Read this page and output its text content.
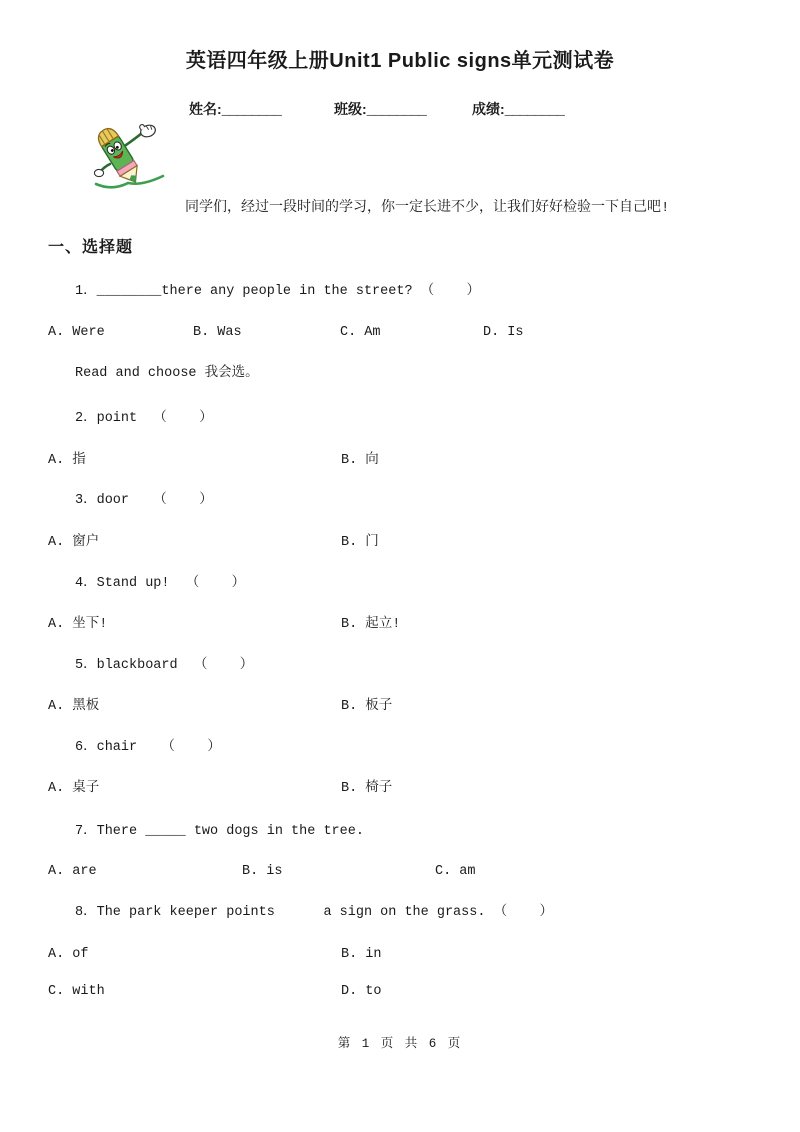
英语四年级上册Unit1 Public signs单元测试卷
姓名:________	班级:________	成绩:________
同学们，经过一段时间的学习，你一定长进不少，让我们好好检验一下自己吧!
一、选择题
1．________there any people in the street? （    ）
A. Were	B. Was	C. Am	D. Is
Read and choose 我会选。
2．point  （    ）
A. 指	B. 向
3．door   （    ）
A. 窗户	B. 门
4．Stand up!  （    ）
A. 坐下!	B. 起立!
5．blackboard  （    ）
A. 黑板	B. 板子
6．chair   （    ）
A. 桌子	B. 椅子
7．There _____ two dogs in the tree.
A. are	B. is	C. am
8．The park keeper points      a sign on the grass. （    ）
A. of	B. in
C. with	D. to
第 1 页 共 6 页
